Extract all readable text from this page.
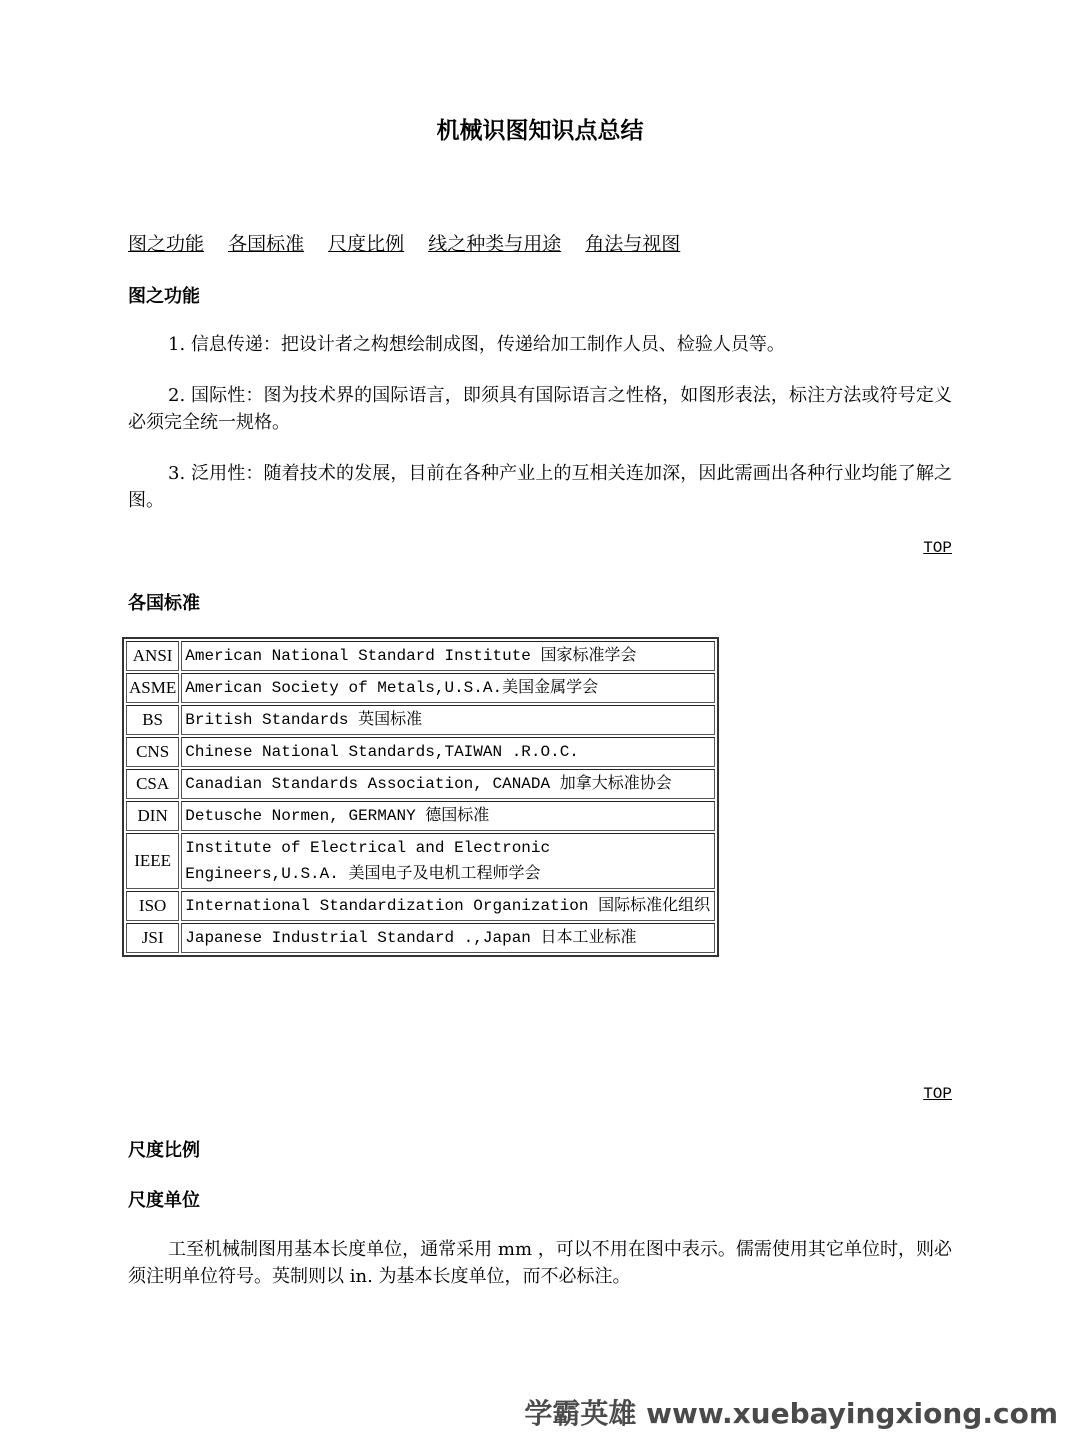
机械识图知识点总结
图之功能 各国标准 尺度比例 线之种类与用途 角法与视图
图之功能

1. 信息传递：把设计者之构想绘制成图，传递给加工制作人员、检验人员等。

2. 国际性：图为技术界的国际语言，即须具有国际语言之性格，如图形表法，标注方法或符号定义必须完全统一规格。

3. 泛用性：随着技术的发展，目前在各种产业上的互相关连加深，因此需画出各种行业均能了解之图。

TOP
各国标准
ANSI	American National Standard Institute 国家标准学会
ASME	American Society of Metals,U.S.A.美国金属学会
BS	British Standards 英国标准
CNS	Chinese National Standards,TAIWAN .R.O.C.
CSA	Canadian Standards Association, CANADA 加拿大标准协会
DIN	Detusche Normen, GERMANY 德国标准
IEEE	Institute of Electrical and Electronic Engineers,U.S.A. 美国电子及电机工程师学会
ISO	International Standardization Organization 国际标准化组织
JSI	Japanese Industrial Standard .,Japan 日本工业标准
TOP
尺度比例
尺度单位

工至机械制图用基本长度单位，通常采用 mm ，可以不用在图中表示。儒需使用其它单位时，则必须注明单位符号。英制则以 in. 为基本长度单位，而不必标注。

学霸英雄 www.xuebayingxiong.com
